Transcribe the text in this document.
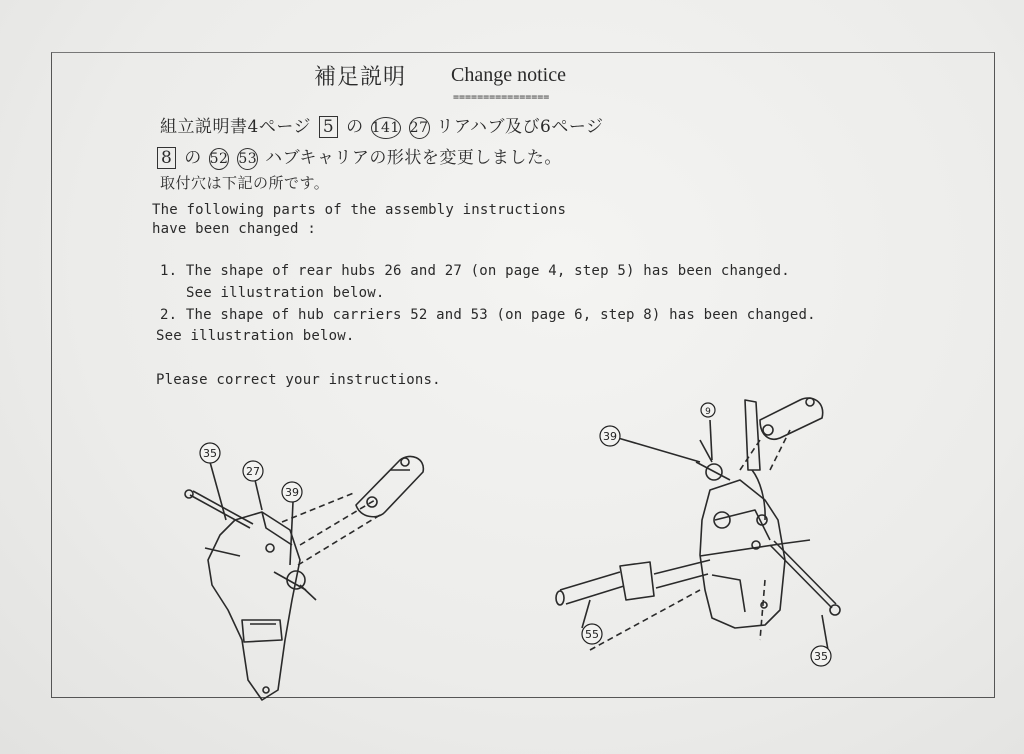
補足説明 Change notice
================
組立説明書4ページ 5 の 141 27 リアハブ及び6ページ
8 の 52 53 ハブキャリアの形状を変更しました。
取付穴は下記の所です。
The following parts of the assembly instructions
have been changed :
1. The shape of rear hubs 26 and 27 (on page 4, step 5) has been changed.
See illustration below.
2. The shape of hub carriers 52 and 53 (on page 6, step 8) has been changed.
See illustration below.
Please correct your instructions.
35
27
39
39
9
55
35
